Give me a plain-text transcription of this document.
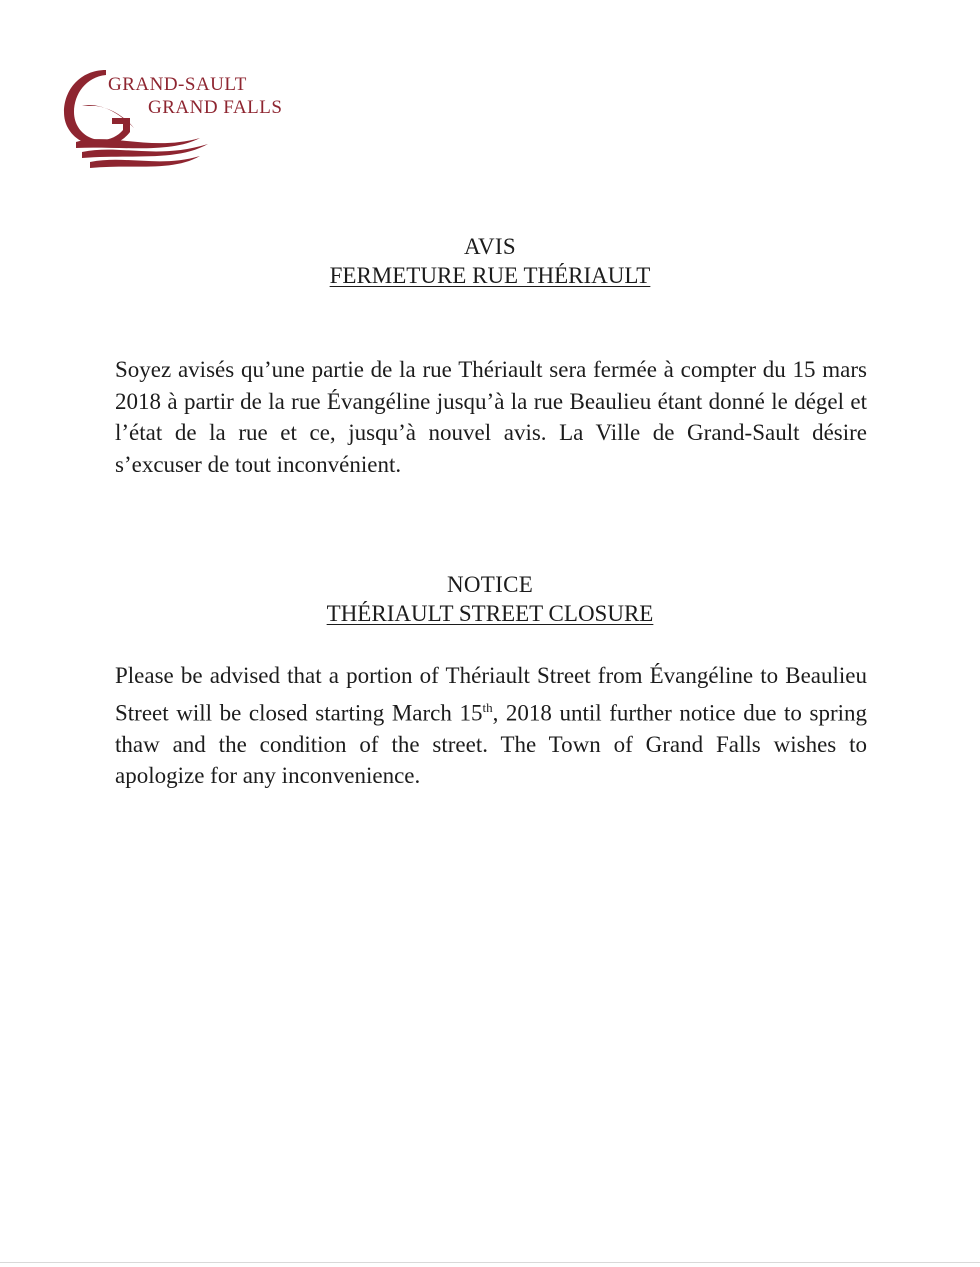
GRAND-SAULT
GRAND FALLS
AVIS
FERMETURE RUE THÉRIAULT
Soyez avisés qu’une partie de la rue Thériault sera fermée à compter du 15 mars 2018 à partir de la rue Évangéline jusqu’à la rue Beaulieu étant donné le dégel et l’état de la rue et ce, jusqu’à nouvel avis. La Ville de Grand-Sault désire s’excuser de tout inconvénient.
NOTICE
THÉRIAULT STREET CLOSURE
Please be advised that a portion of Thériault Street from Évangéline to Beaulieu Street will be closed starting March 15th, 2018 until further notice due to spring thaw and the condition of the street. The Town of Grand Falls wishes to apologize for any inconvenience.
